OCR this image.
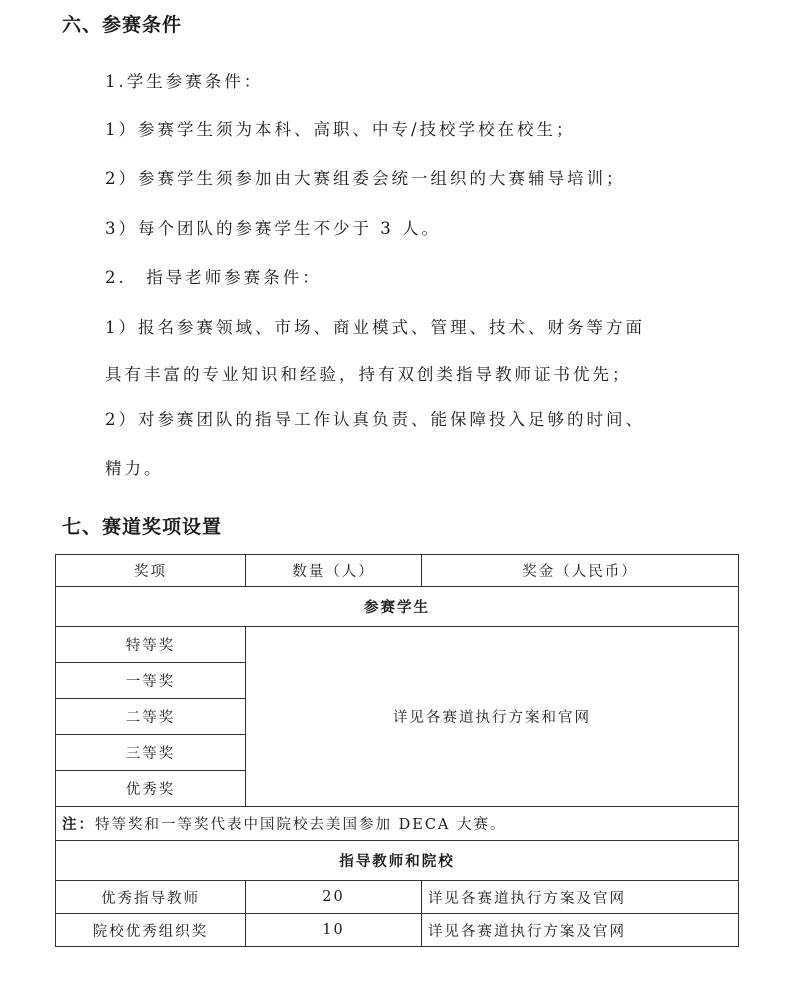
六、参赛条件
1.学生参赛条件：
1）参赛学生须为本科、高职、中专/技校学校在校生；
2）参赛学生须参加由大赛组委会统一组织的大赛辅导培训；
3）每个团队的参赛学生不少于 3 人。
2.　指导老师参赛条件：
1）报名参赛领域、市场、商业模式、管理、技术、财务等方面
具有丰富的专业知识和经验，持有双创类指导教师证书优先；
2）对参赛团队的指导工作认真负责、能保障投入足够的时间、
精力。
七、赛道奖项设置
奖项	数量（人）	奖金（人民币）
参赛学生		
特等奖	详见各赛道执行方案和官网	
一等奖		
二等奖		
三等奖		
优秀奖		
注：特等奖和一等奖代表中国院校去美国参加 DECA 大赛。		
指导教师和院校		
优秀指导教师	20	详见各赛道执行方案及官网
院校优秀组织奖	10	详见各赛道执行方案及官网
